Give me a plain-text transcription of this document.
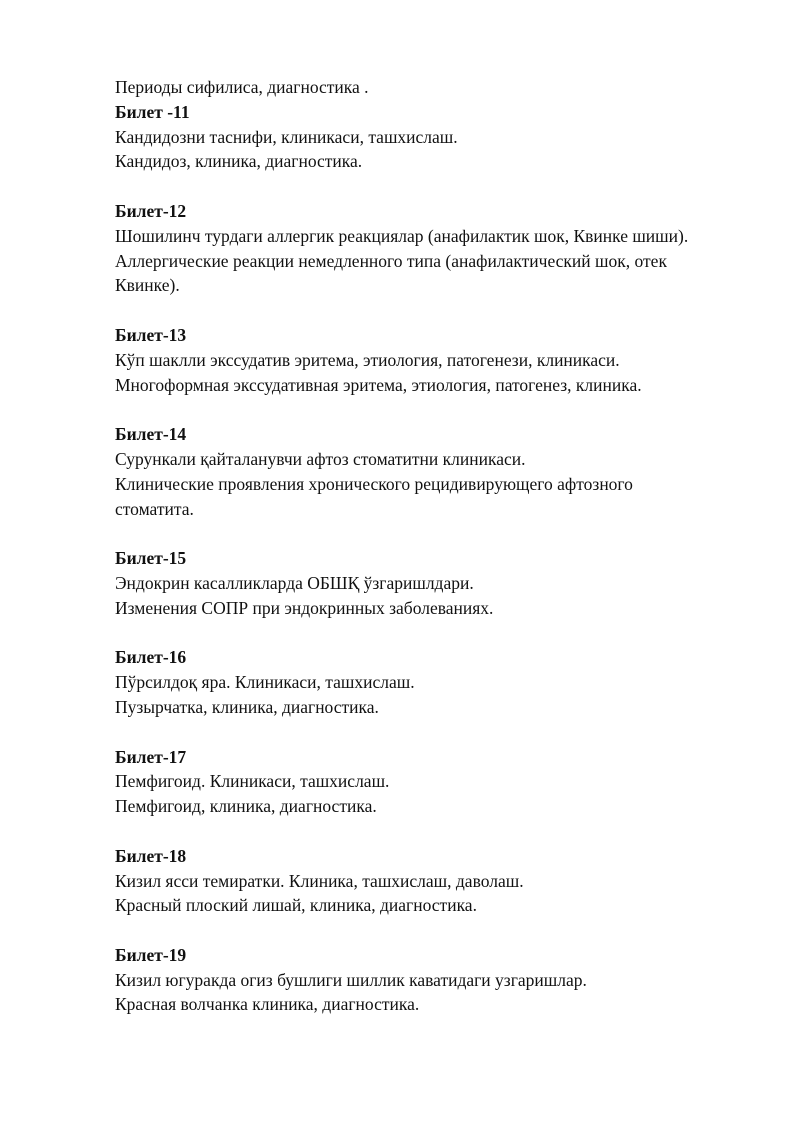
Периоды сифилиса, диагностика .

Билет -11

Кандидозни таснифи, клиникаси, ташхислаш.

Кандидоз, клиника, диагностика.

Билет-12

Шошилинч турдаги аллергик реакциялар (анафилактик шок, Квинке шиши).

Аллергические реакции немедленного типа (анафилактический шок, отек

Квинке).

Билет-13

Кўп шаклли экссудатив эритема, этиология, патогенези, клиникаси.

Многоформная экссудативная эритема, этиология, патогенез, клиника.

Билет-14

Сурункали қайталанувчи афтоз стоматитни клиникаси.

Клинические проявления хронического рецидивирующего афтозного

стоматита.

Билет-15

Эндокрин касалликларда ОБШҚ ўзгаришлдари.

Изменения СОПР при эндокринных заболеваниях.

Билет-16

Пўрсилдоқ яра. Клиникаси, ташхислаш.

Пузырчатка, клиника, диагностика.

Билет-17

Пемфигоид. Клиникаси, ташхислаш.

Пемфигоид, клиника, диагностика.

Билет-18

Кизил ясси темиратки. Клиника, ташхислаш, даволаш.

Красный плоский лишай, клиника, диагностика.

Билет-19

Кизил югуракда огиз бушлиги шиллик каватидаги узгаришлар.

Красная волчанка клиника, диагностика.
